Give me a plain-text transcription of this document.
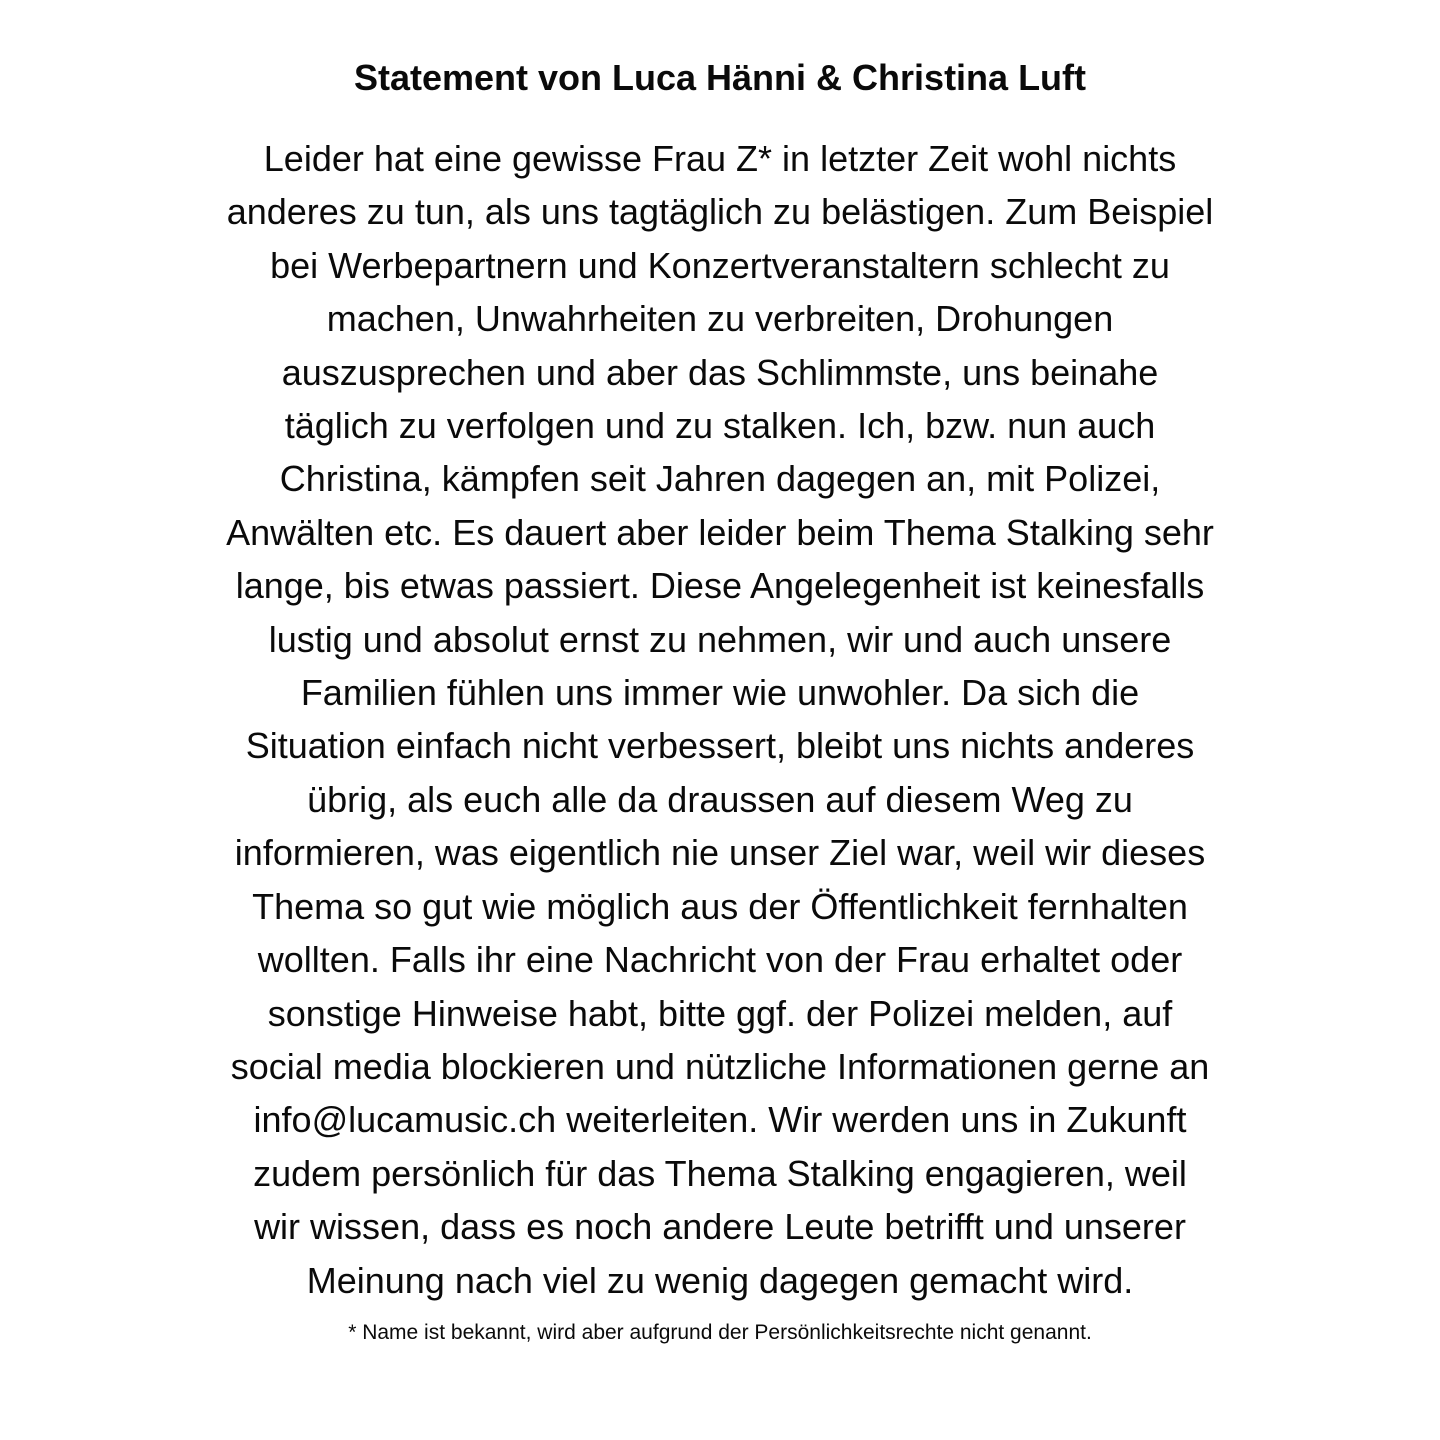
Statement von Luca Hänni & Christina Luft
Leider hat eine gewisse Frau Z* in letzter Zeit wohl nichts
anderes zu tun, als uns tagtäglich zu belästigen. Zum Beispiel
bei Werbepartnern und Konzertveranstaltern schlecht zu
machen, Unwahrheiten zu verbreiten, Drohungen
auszusprechen und aber das Schlimmste, uns beinahe
täglich zu verfolgen und zu stalken. Ich, bzw. nun auch
Christina, kämpfen seit Jahren dagegen an, mit Polizei,
Anwälten etc. Es dauert aber leider beim Thema Stalking sehr
lange, bis etwas passiert. Diese Angelegenheit ist keinesfalls
lustig und absolut ernst zu nehmen, wir und auch unsere
Familien fühlen uns immer wie unwohler. Da sich die
Situation einfach nicht verbessert, bleibt uns nichts anderes
übrig, als euch alle da draussen auf diesem Weg zu
informieren, was eigentlich nie unser Ziel war, weil wir dieses
Thema so gut wie möglich aus der Öffentlichkeit fernhalten
wollten. Falls ihr eine Nachricht von der Frau erhaltet oder
sonstige Hinweise habt, bitte ggf. der Polizei melden, auf
social media blockieren und nützliche Informationen gerne an
info@lucamusic.ch weiterleiten. Wir werden uns in Zukunft
zudem persönlich für das Thema Stalking engagieren, weil
wir wissen, dass es noch andere Leute betrifft und unserer
Meinung nach viel zu wenig dagegen gemacht wird.

* Name ist bekannt, wird aber aufgrund der Persönlichkeitsrechte nicht genannt.
